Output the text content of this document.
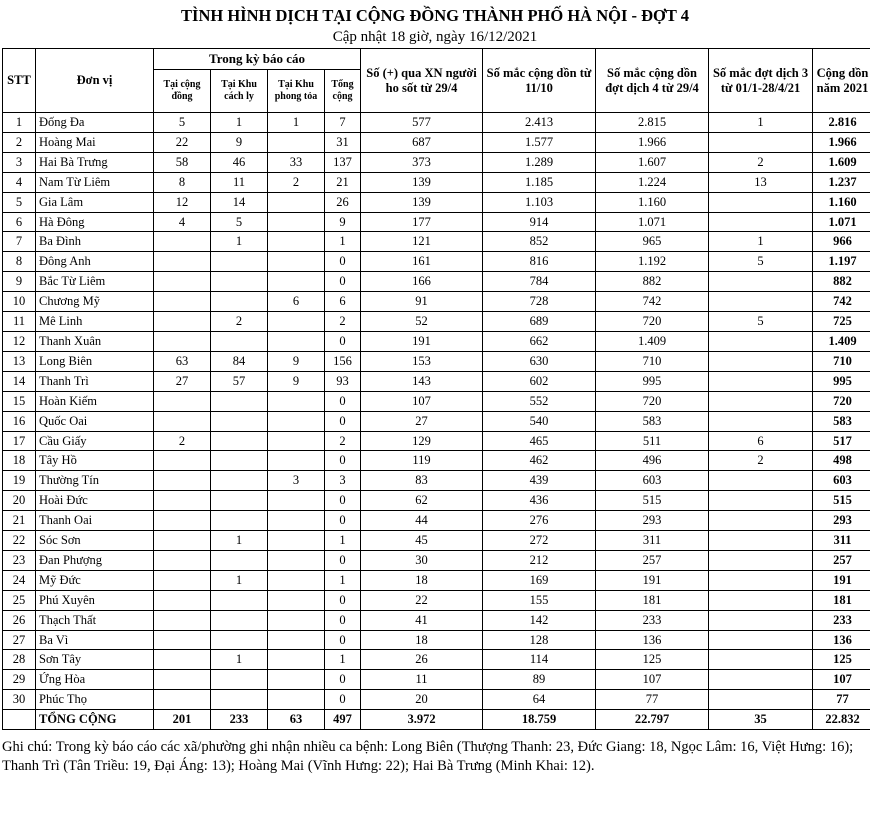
TÌNH HÌNH DỊCH TẠI CỘNG ĐỒNG THÀNH PHỐ HÀ NỘI - ĐỢT 4
Cập nhật 18 giờ, ngày 16/12/2021
STT	Đơn vị	Trong kỳ báo cáo				Số (+) qua XN người ho sốt từ 29/4	Số mắc cộng dồn từ 11/10	Số mắc cộng dồn đợt dịch 4 từ 29/4	Số mắc đợt dịch 3 từ 01/1-28/4/21	Cộng dồn năm 2021
		Tại cộng đồng	Tại Khu cách ly	Tại Khu phong tỏa	Tổng cộng					
1	Đống Đa	5	1	1	7	577	2.413	2.815	1	2.816
2	Hoàng Mai	22	9		31	687	1.577	1.966		1.966
3	Hai Bà Trưng	58	46	33	137	373	1.289	1.607	2	1.609
4	Nam Từ Liêm	8	11	2	21	139	1.185	1.224	13	1.237
5	Gia Lâm	12	14		26	139	1.103	1.160		1.160
6	Hà Đông	4	5		9	177	914	1.071		1.071
7	Ba Đình		1		1	121	852	965	1	966
8	Đông Anh				0	161	816	1.192	5	1.197
9	Bắc Từ Liêm				0	166	784	882		882
10	Chương Mỹ			6	6	91	728	742		742
11	Mê Linh		2		2	52	689	720	5	725
12	Thanh Xuân				0	191	662	1.409		1.409
13	Long Biên	63	84	9	156	153	630	710		710
14	Thanh Trì	27	57	9	93	143	602	995		995
15	Hoàn Kiếm				0	107	552	720		720
16	Quốc Oai				0	27	540	583		583
17	Cầu Giấy	2			2	129	465	511	6	517
18	Tây Hồ				0	119	462	496	2	498
19	Thường Tín			3	3	83	439	603		603
20	Hoài Đức				0	62	436	515		515
21	Thanh Oai				0	44	276	293		293
22	Sóc Sơn		1		1	45	272	311		311
23	Đan Phượng				0	30	212	257		257
24	Mỹ Đức		1		1	18	169	191		191
25	Phú Xuyên				0	22	155	181		181
26	Thạch Thất				0	41	142	233		233
27	Ba Vì				0	18	128	136		136
28	Sơn Tây		1		1	26	114	125		125
29	Ứng Hòa				0	11	89	107		107
30	Phúc Thọ				0	20	64	77		77
	TỔNG CỘNG	201	233	63	497	3.972	18.759	22.797	35	22.832
Ghi chú: Trong kỳ báo cáo các xã/phường ghi nhận nhiều ca bệnh: Long Biên (Thượng Thanh: 23, Đức Giang: 18, Ngọc Lâm: 16, Việt Hưng: 16); Thanh Trì (Tân Triều: 19, Đại Áng: 13); Hoàng Mai (Vĩnh Hưng: 22); Hai Bà Trưng (Minh Khai: 12).
